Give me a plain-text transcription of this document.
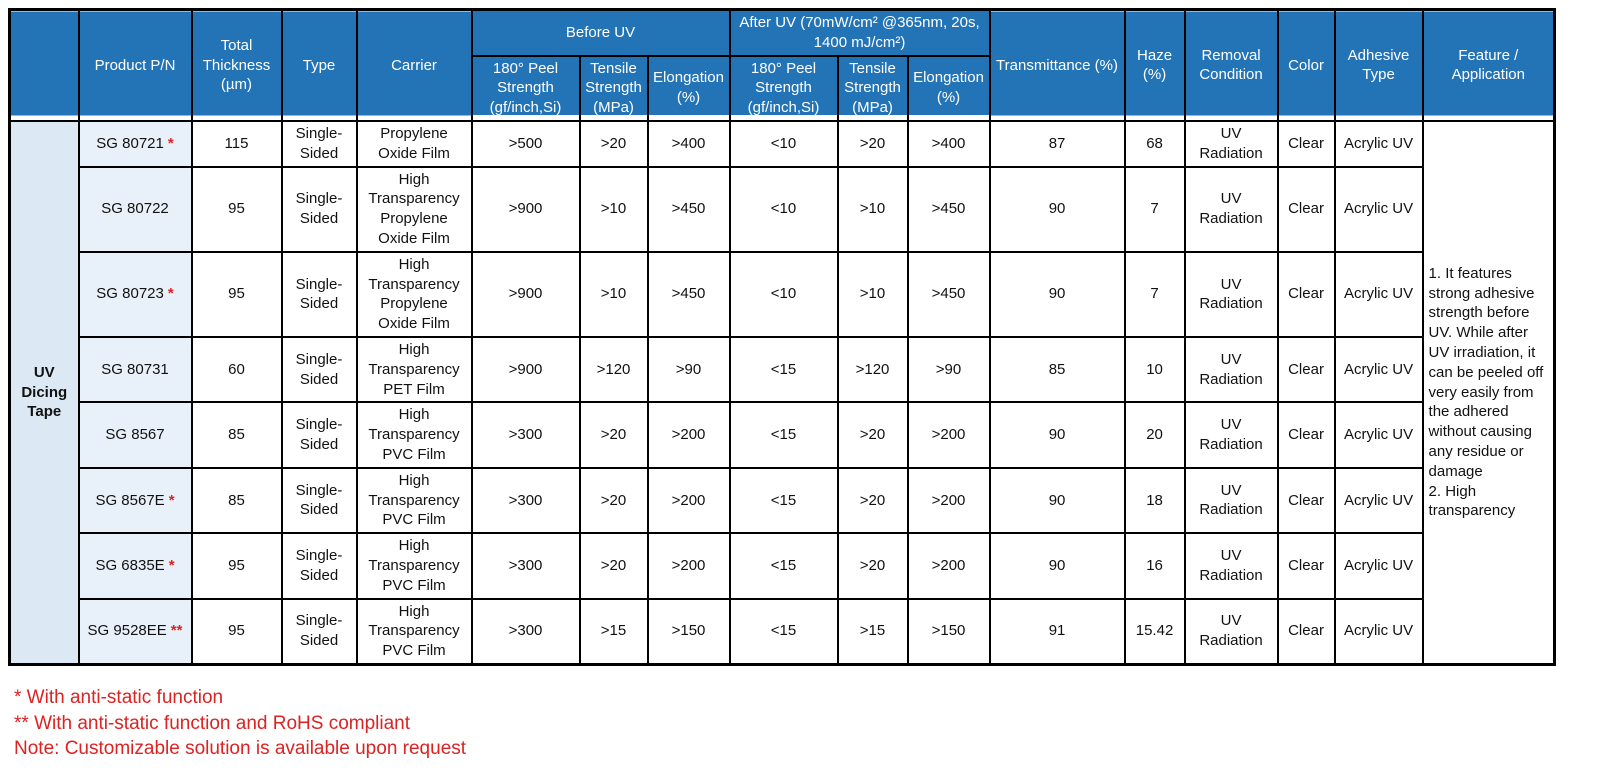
	Product P/N	Total Thickness (µm)	Type	Carrier	Before UV			After UV (70mW/cm² @365nm, 20s, 1400 mJ/cm²)			Transmittance (%)	Haze (%)	Removal Condition	Color	Adhesive Type	Feature / Application
					180° Peel Strength (gf/inch,Si)	Tensile Strength (MPa)	Elongation (%)	180° Peel Strength (gf/inch,Si)	Tensile Strength (MPa)	Elongation (%)						
UV Dicing Tape	SG 80721 *	115	Single-Sided	Propylene Oxide Film	>500	>20	>400	<10	>20	>400	87	68	UV Radiation	Clear	Acrylic UV	1. It features strong adhesive strength before UV. While after UV irradiation, it can be peeled off very easily from the adhered without causing any residue or damage
2. High transparency

	SG 80722	95	Single-Sided	High Transparency Propylene Oxide Film	>900	>10	>450	<10	>10	>450	90	7	UV Radiation	Clear	Acrylic UV	
	SG 80723 *	95	Single-Sided	High Transparency Propylene Oxide Film	>900	>10	>450	<10	>10	>450	90	7	UV Radiation	Clear	Acrylic UV	
	SG 80731	60	Single-Sided	High Transparency PET Film	>900	>120	>90	<15	>120	>90	85	10	UV Radiation	Clear	Acrylic UV	
	SG 8567	85	Single-Sided	High Transparency PVC Film	>300	>20	>200	<15	>20	>200	90	20	UV Radiation	Clear	Acrylic UV	
	SG 8567E *	85	Single-Sided	High Transparency PVC Film	>300	>20	>200	<15	>20	>200	90	18	UV Radiation	Clear	Acrylic UV	
	SG 6835E *	95	Single-Sided	High Transparency PVC Film	>300	>20	>200	<15	>20	>200	90	16	UV Radiation	Clear	Acrylic UV	
	SG 9528EE **	95	Single-Sided	High Transparency PVC Film	>300	>15	>150	<15	>15	>150	91	15.42	UV Radiation	Clear	Acrylic UV	
* With anti-static function
** With anti-static function and RoHS compliant
Note: Customizable solution is available upon request
